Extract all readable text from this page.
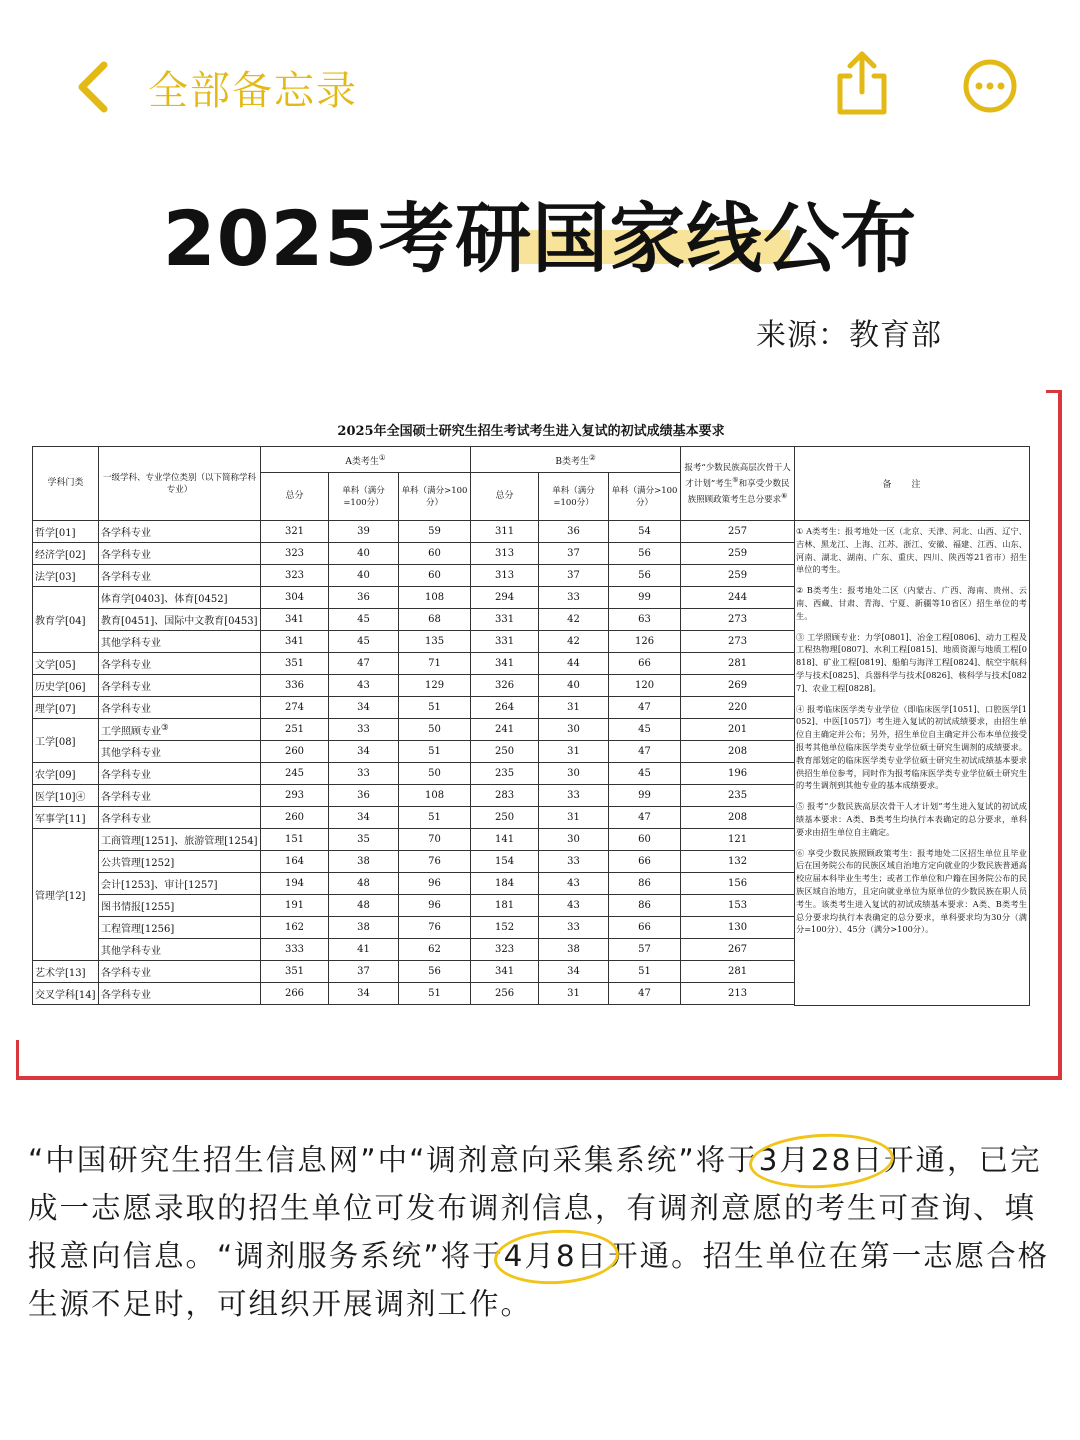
全部备忘录
2025考研国家线公布
来源：教育部
2025年全国硕士研究生招生考试考生进入复试的初试成绩基本要求
学科门类	一级学科、专业学位类别（以下简称学科专业）	A类考生①			B类考生②			报考“少数民族高层次骨干人才计划”考生⑤和享受少数民族照顾政策考生总分要求⑥
		总分	单科（满分=100分）	单科（满分>100分）	总分	单科（满分=100分）	单科（满分>100分）	
哲学[01]	各学科专业	321	39	59	311	36	54	257
经济学[02]	各学科专业	323	40	60	313	37	56	259
法学[03]	各学科专业	323	40	60	313	37	56	259
教育学[04]	体育学[0403]、体育[0452]	304	36	108	294	33	99	244
	教育[0451]、国际中文教育[0453]	341	45	68	331	42	63	273
	其他学科专业	341	45	135	331	42	126	273
文学[05]	各学科专业	351	47	71	341	44	66	281
历史学[06]	各学科专业	336	43	129	326	40	120	269
理学[07]	各学科专业	274	34	51	264	31	47	220
工学[08]	工学照顾专业③	251	33	50	241	30	45	201
	其他学科专业	260	34	51	250	31	47	208
农学[09]	各学科专业	245	33	50	235	30	45	196
医学[10]④	各学科专业	293	36	108	283	33	99	235
军事学[11]	各学科专业	260	34	51	250	31	47	208
管理学[12]	工商管理[1251]、旅游管理[1254]	151	35	70	141	30	60	121
	公共管理[1252]	164	38	76	154	33	66	132
	会计[1253]、审计[1257]	194	48	96	184	43	86	156
	图书情报[1255]	191	48	96	181	43	86	153
	工程管理[1256]	162	38	76	152	33	66	130
	其他学科专业	333	41	62	323	38	57	267
艺术学[13]	各学科专业	351	37	56	341	34	51	281
交叉学科[14]	各学科专业	266	34	51	256	31	47	213
备注
① A类考生：报考地处一区（北京、天津、河北、山西、辽宁、吉林、黑龙江、上海、江苏、浙江、安徽、福建、江西、山东、河南、湖北、湖南、广东、重庆、四川、陕西等21省市）招生单位的考生。
② B类考生：报考地处二区（内蒙古、广西、海南、贵州、云南、西藏、甘肃、青海、宁夏、新疆等10省区）招生单位的考生。
③ 工学照顾专业：力学[0801]、冶金工程[0806]、动力工程及工程热物理[0807]、水利工程[0815]、地质资源与地质工程[0818]、矿业工程[0819]、船舶与海洋工程[0824]、航空宇航科学与技术[0825]、兵器科学与技术[0826]、核科学与技术[0827]、农业工程[0828]。
④ 报考临床医学类专业学位（即临床医学[1051]、口腔医学[1052]、中医[1057]）考生进入复试的初试成绩要求，由招生单位自主确定并公布；另外，招生单位自主确定并公布本单位接受报考其他单位临床医学类专业学位硕士研究生调剂的成绩要求。教育部划定的临床医学类专业学位硕士研究生初试成绩基本要求供招生单位参考，同时作为报考临床医学类专业学位硕士研究生的考生调剂到其他专业的基本成绩要求。
⑤ 报考“少数民族高层次骨干人才计划”考生进入复试的初试成绩基本要求：A类、B类考生均执行本表确定的总分要求，单科要求由招生单位自主确定。
⑥ 享受少数民族照顾政策考生：报考地处二区招生单位且毕业后在国务院公布的民族区域自治地方定向就业的少数民族普通高校应届本科毕业生考生；或者工作单位和户籍在国务院公布的民族区域自治地方，且定向就业单位为原单位的少数民族在职人员考生。该类考生进入复试的初试成绩基本要求：A类、B类考生总分要求均执行本表确定的总分要求，单科要求均为30分（满分=100分）、45分（满分>100分）。
“中国研究生招生信息网”中“调剂意向采集系统”将于3月28日开通，已完成一志愿录取的招生单位可发布调剂信息，有调剂意愿的考生可查询、填报意向信息。“调剂服务系统”将于4月8日开通。招生单位在第一志愿合格生源不足时，可组织开展调剂工作。
